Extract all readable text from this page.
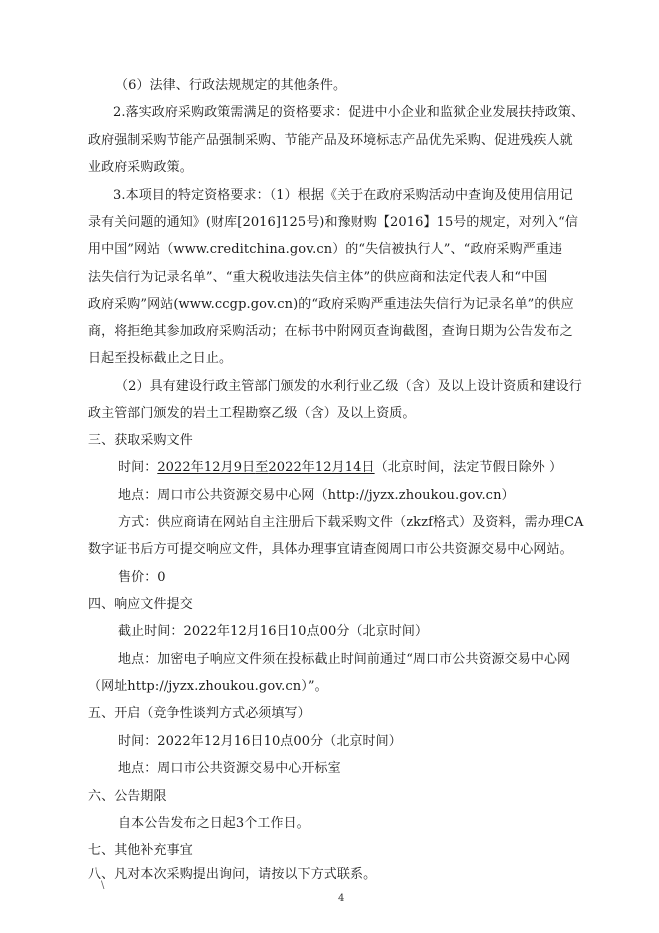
（6）法律、行政法规规定的其他条件。
2.落实政府采购政策需满足的资格要求：促进中小企业和监狱企业发展扶持政策、
政府强制采购节能产品强制采购、节能产品及环境标志产品优先采购、促进残疾人就
业政府采购政策。
3.本项目的特定资格要求：（1）根据《关于在政府采购活动中查询及使用信用记
录有关问题的通知》(财库[2016]125号)和豫财购【2016】15号的规定，对列入“信
用中国”网站（www.creditchina.gov.cn）的“失信被执行人”、“政府采购严重违
法失信行为记录名单”、“重大税收违法失信主体”的供应商和法定代表人和“中国
政府采购”网站(www.ccgp.gov.cn)的“政府采购严重违法失信行为记录名单”的供应
商，将拒绝其参加政府采购活动；在标书中附网页查询截图，查询日期为公告发布之
日起至投标截止之日止。
（2）具有建设行政主管部门颁发的水利行业乙级（含）及以上设计资质和建设行
政主管部门颁发的岩土工程勘察乙级（含）及以上资质。
三、获取采购文件
时间：2022年12月9日至2022年12月14日（北京时间，法定节假日除外 ）
地点：周口市公共资源交易中心网（http://jyzx.zhoukou.gov.cn）
方式：供应商请在网站自主注册后下载采购文件（zkzf格式）及资料，需办理CA
数字证书后方可提交响应文件，具体办理事宜请查阅周口市公共资源交易中心网站。
售价：0
四、响应文件提交
截止时间：2022年12月16日10点00分（北京时间）
地点：加密电子响应文件须在投标截止时间前通过“周口市公共资源交易中心网
（网址http://jyzx.zhoukou.gov.cn）”。
五、开启（竞争性谈判方式必须填写）
时间：2022年12月16日10点00分（北京时间）
地点：周口市公共资源交易中心开标室
六、公告期限
自本公告发布之日起3个工作日。
七、其他补充事宜
八、凡对本次采购提出询问，请按以下方式联系。
\
4
